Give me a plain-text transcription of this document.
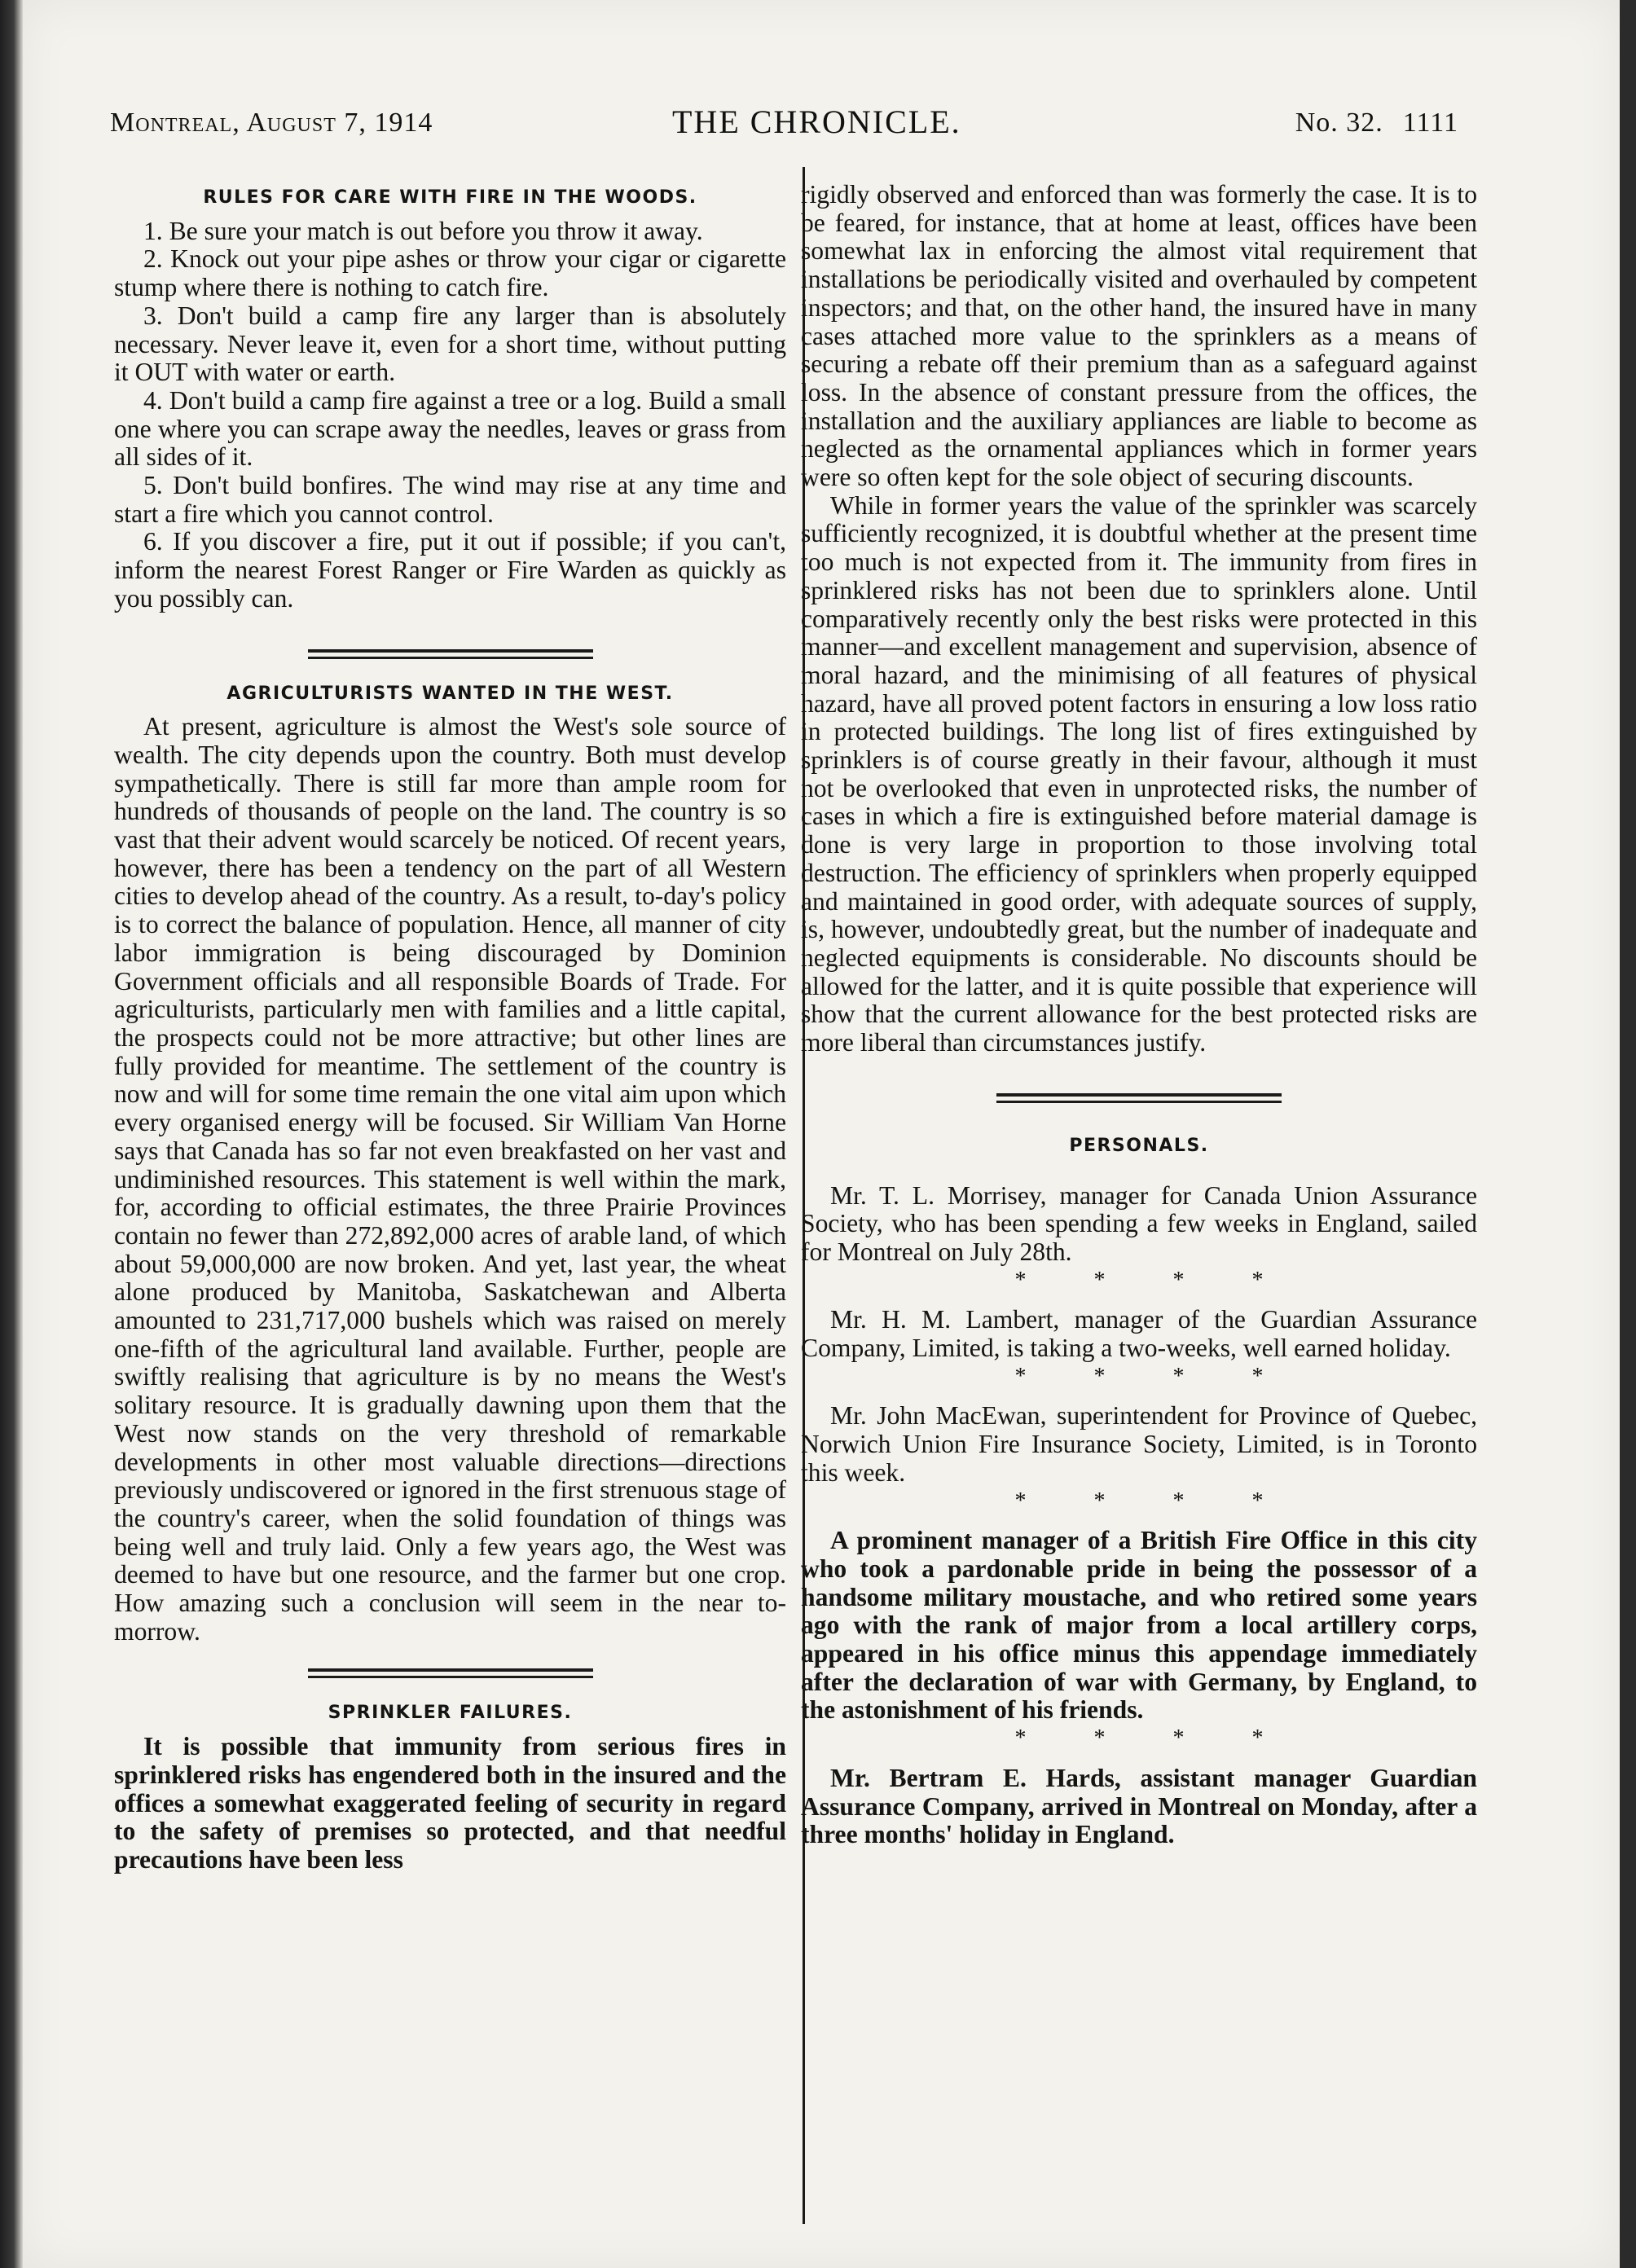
Montreal, August 7, 1914	THE CHRONICLE.	No. 32. 1111
RULES FOR CARE WITH FIRE IN THE WOODS.

1. Be sure your match is out before you throw it away.

2. Knock out your pipe ashes or throw your cigar or cigarette stump where there is nothing to catch fire.

3. Don't build a camp fire any larger than is absolutely necessary. Never leave it, even for a short time, without putting it OUT with water or earth.

4. Don't build a camp fire against a tree or a log. Build a small one where you can scrape away the needles, leaves or grass from all sides of it.

5. Don't build bonfires. The wind may rise at any time and start a fire which you cannot control.

6. If you discover a fire, put it out if possible; if you can't, inform the nearest Forest Ranger or Fire Warden as quickly as you possibly can.

AGRICULTURISTS WANTED IN THE WEST.

At present, agriculture is almost the West's sole source of wealth. The city depends upon the country. Both must develop sympathetically. There is still far more than ample room for hundreds of thousands of people on the land. The country is so vast that their advent would scarcely be noticed. Of recent years, however, there has been a tendency on the part of all Western cities to develop ahead of the country. As a result, to-day's policy is to correct the balance of population. Hence, all manner of city labor immigration is being discouraged by Dominion Government officials and all responsible Boards of Trade. For agriculturists, particularly men with families and a little capital, the prospects could not be more attractive; but other lines are fully provided for meantime. The settlement of the country is now and will for some time remain the one vital aim upon which every organised energy will be focused. Sir William Van Horne says that Canada has so far not even breakfasted on her vast and undiminished resources. This statement is well within the mark, for, according to official estimates, the three Prairie Provinces contain no fewer than 272,892,000 acres of arable land, of which about 59,000,000 are now broken. And yet, last year, the wheat alone produced by Manitoba, Saskatchewan and Alberta amounted to 231,717,000 bushels which was raised on merely one-fifth of the agricultural land available. Further, people are swiftly realising that agriculture is by no means the West's solitary resource. It is gradually dawning upon them that the West now stands on the very threshold of remarkable developments in other most valuable directions—directions previously undiscovered or ignored in the first strenuous stage of the country's career, when the solid foundation of things was being well and truly laid. Only a few years ago, the West was deemed to have but one resource, and the farmer but one crop. How amazing such a conclusion will seem in the near to-morrow.

SPRINKLER FAILURES.

It is possible that immunity from serious fires in sprinklered risks has engendered both in the insured and the offices a somewhat exaggerated feeling of security in regard to the safety of premises so protected, and that needful precautions have been less

rigidly observed and enforced than was formerly the case. It is to be feared, for instance, that at home at least, offices have been somewhat lax in enforcing the almost vital requirement that installations be periodically visited and overhauled by competent inspectors; and that, on the other hand, the insured have in many cases attached more value to the sprinklers as a means of securing a rebate off their premium than as a safeguard against loss. In the absence of constant pressure from the offices, the installation and the auxiliary appliances are liable to become as neglected as the ornamental appliances which in former years were so often kept for the sole object of securing discounts.

While in former years the value of the sprinkler was scarcely sufficiently recognized, it is doubtful whether at the present time too much is not expected from it. The immunity from fires in sprinklered risks has not been due to sprinklers alone. Until comparatively recently only the best risks were protected in this manner—and excellent management and supervision, absence of moral hazard, and the minimising of all features of physical hazard, have all proved potent factors in ensuring a low loss ratio in protected buildings. The long list of fires extinguished by sprinklers is of course greatly in their favour, although it must not be overlooked that even in unprotected risks, the number of cases in which a fire is extinguished before material damage is done is very large in proportion to those involving total destruction. The efficiency of sprinklers when properly equipped and maintained in good order, with adequate sources of supply, is, however, undoubtedly great, but the number of inadequate and neglected equipments is considerable. No discounts should be allowed for the latter, and it is quite possible that experience will show that the current allowance for the best protected risks are more liberal than circumstances justify.

PERSONALS.

Mr. T. L. Morrisey, manager for Canada Union Assurance Society, who has been spending a few weeks in England, sailed for Montreal on July 28th.

* * * *

Mr. H. M. Lambert, manager of the Guardian Assurance Company, Limited, is taking a two-weeks, well earned holiday.

* * * *

Mr. John MacEwan, superintendent for Province of Quebec, Norwich Union Fire Insurance Society, Limited, is in Toronto this week.

* * * *

A prominent manager of a British Fire Office in this city who took a pardonable pride in being the possessor of a handsome military moustache, and who retired some years ago with the rank of major from a local artillery corps, appeared in his office minus this appendage immediately after the declaration of war with Germany, by England, to the astonishment of his friends.

* * * *

Mr. Bertram E. Hards, assistant manager Guardian Assurance Company, arrived in Montreal on Monday, after a three months' holiday in England.
